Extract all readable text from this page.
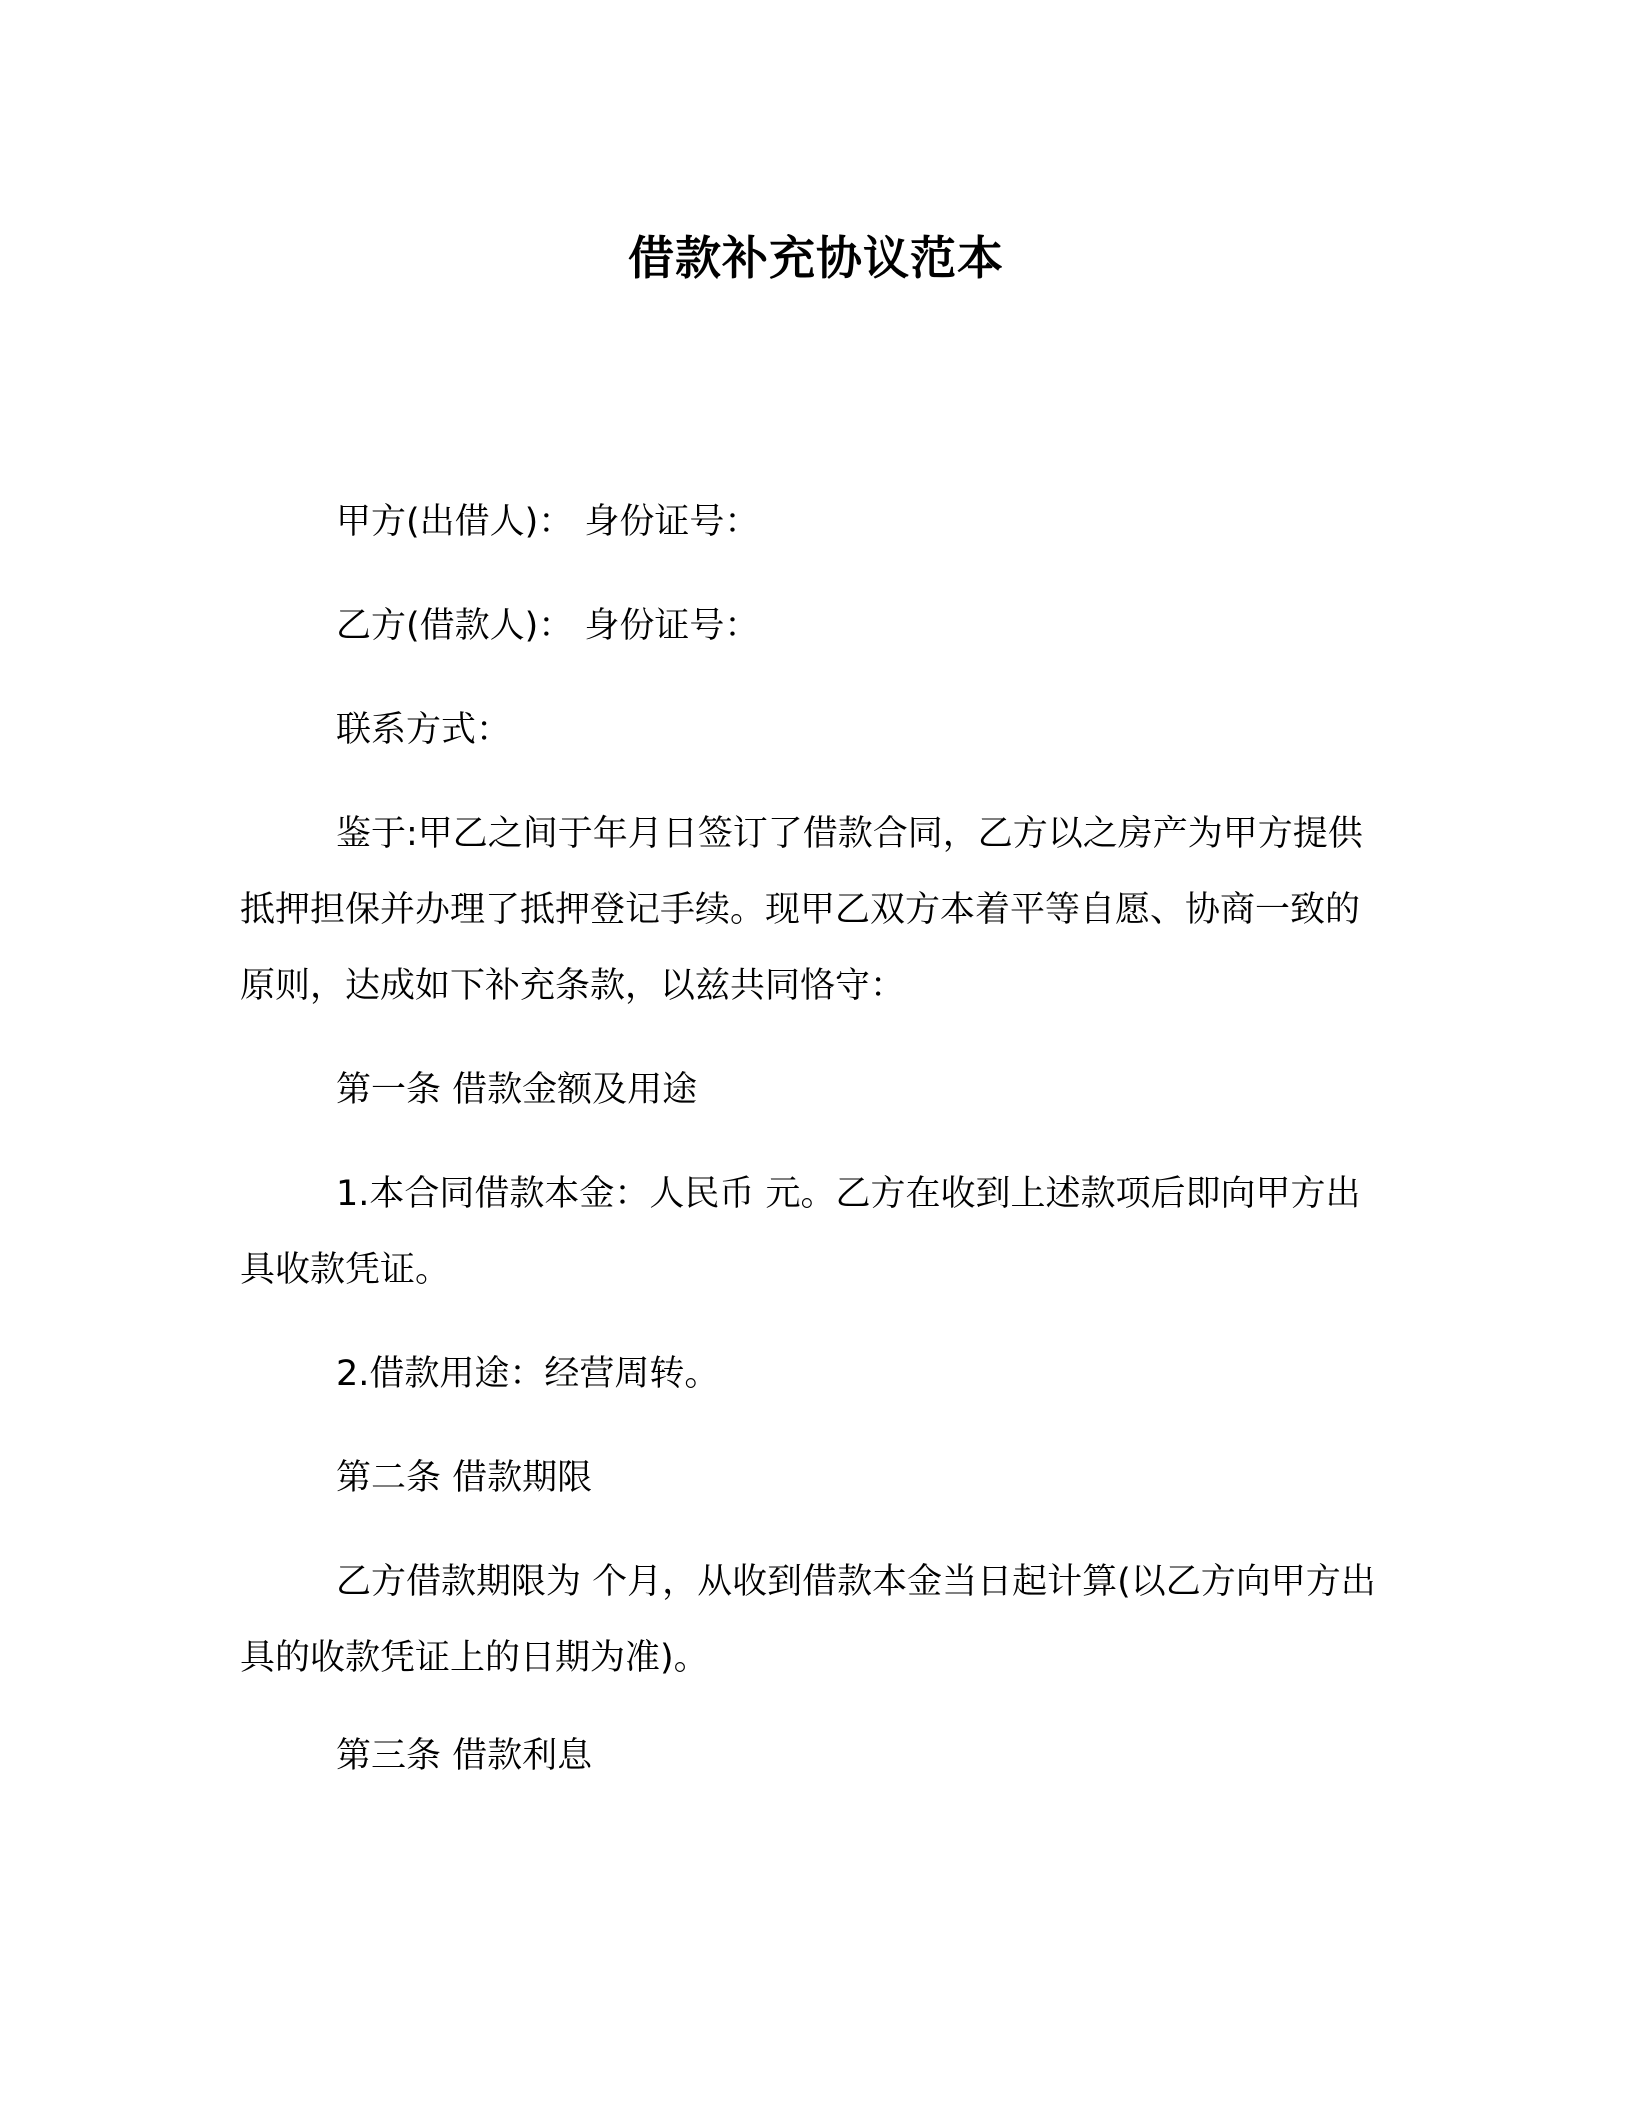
借款补充协议范本
甲方(出借人)： 身份证号：
乙方(借款人)： 身份证号：
联系方式：
鉴于:甲乙之间于年月日签订了借款合同，乙方以之房产为甲方提供抵押担保并办理了抵押登记手续。现甲乙双方本着平等自愿、协商一致的原则，达成如下补充条款，以兹共同恪守：
第一条 借款金额及用途
1.本合同借款本金：人民币 元。乙方在收到上述款项后即向甲方出具收款凭证。
2.借款用途：经营周转。
第二条 借款期限
乙方借款期限为 个月，从收到借款本金当日起计算(以乙方向甲方出具的收款凭证上的日期为准)。
第三条 借款利息
